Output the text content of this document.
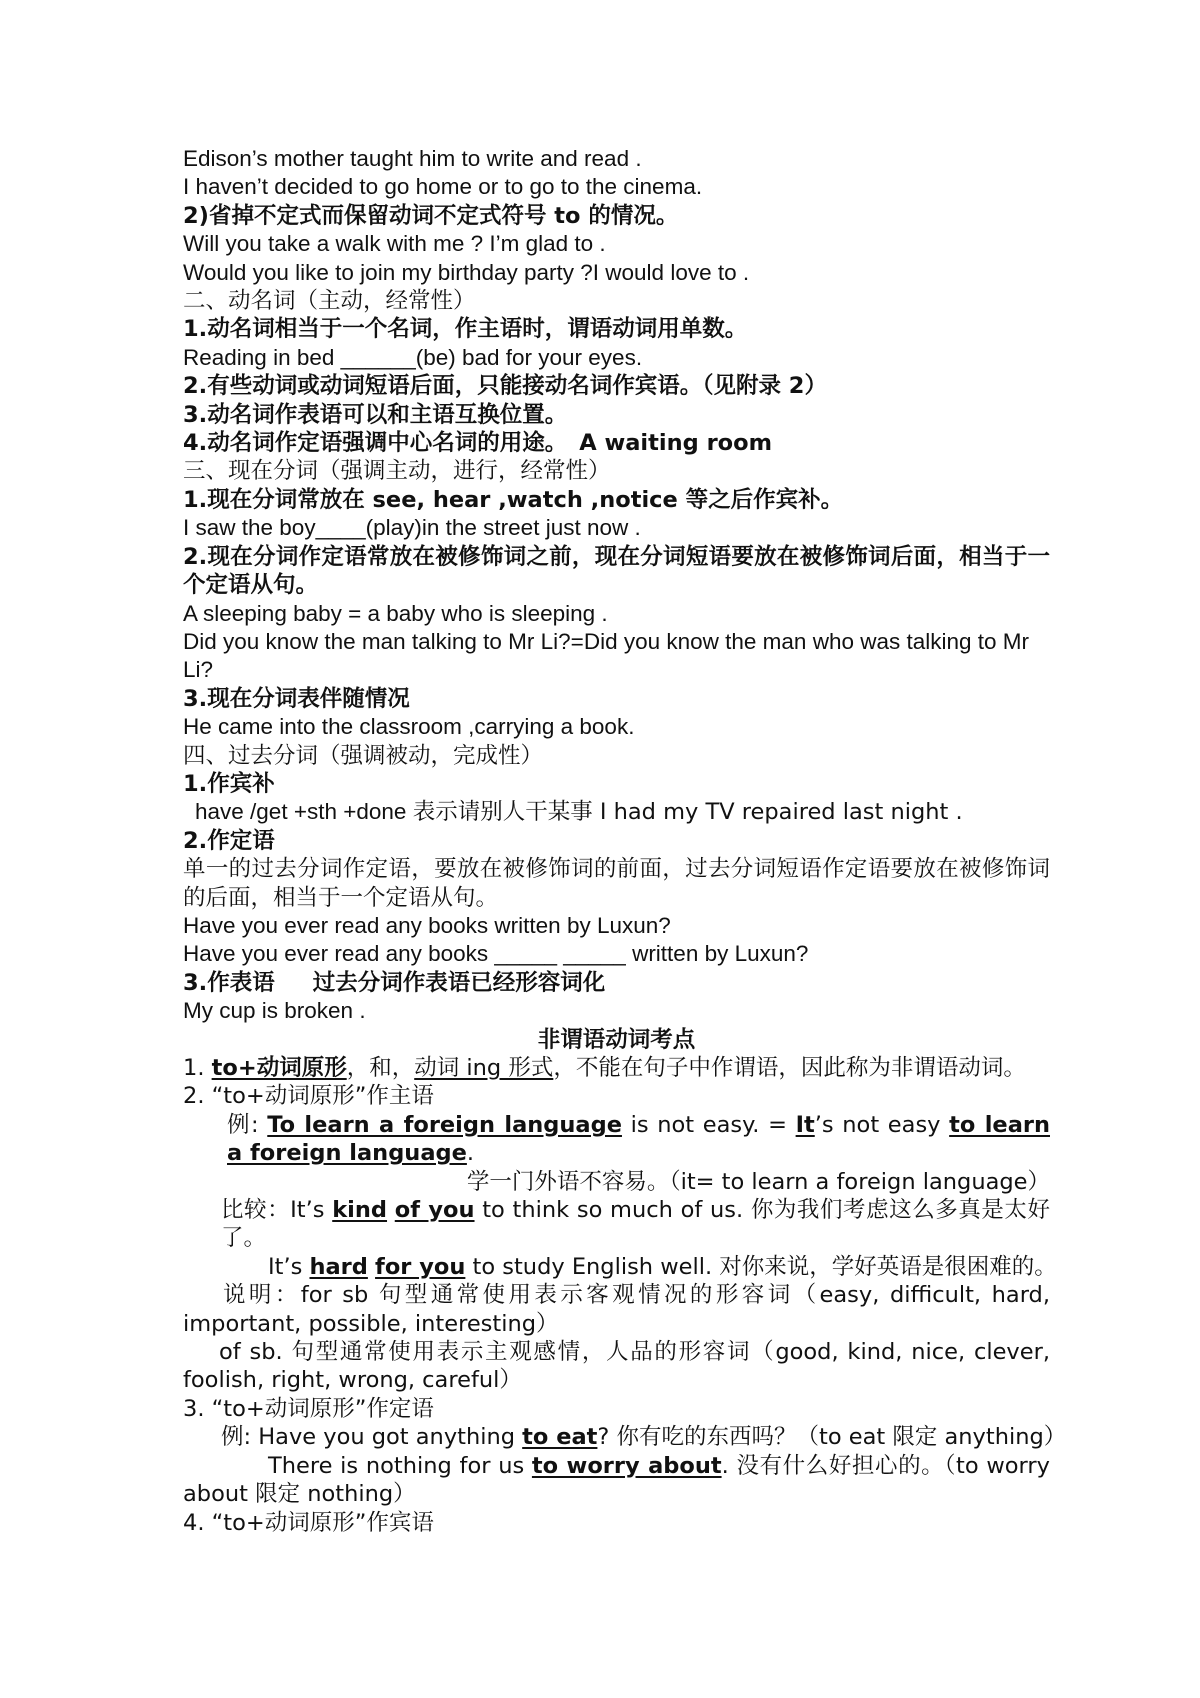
Edison’s mother taught him to write and read .
I haven’t decided to go home or to go to the cinema.
2)省掉不定式而保留动词不定式符号 to 的情况。
Will you take a walk with me ? I’m glad to .
Would you like to join my birthday party ?I would love to .
二、动名词（主动，经常性）
1.动名词相当于一个名词，作主语时，谓语动词用单数。
Reading in bed ______(be) bad for your eyes.
2.有些动词或动词短语后面，只能接动名词作宾语。（见附录 2）
3.动名词作表语可以和主语互换位置。
4.动名词作定语强调中心名词的用途。 A waiting room
三、现在分词（强调主动，进行，经常性）
1.现在分词常放在 see, hear ,watch ,notice 等之后作宾补。
I saw the boy____(play)in the street just now .
2.现在分词作定语常放在被修饰词之前，现在分词短语要放在被修饰词后面，相当于一个定语从句。
A sleeping baby = a baby who is sleeping .
Did you know the man talking to Mr Li?=Did you know the man who was talking to Mr Li?
3.现在分词表伴随情况
He came into the classroom ,carrying a book.
四、过去分词（强调被动，完成性）
1.作宾补
have /get +sth +done 表示请别人干某事 I had my TV repaired last night .
2.作定语
单一的过去分词作定语，要放在被修饰词的前面，过去分词短语作定语要放在被修饰词的后面，相当于一个定语从句。
Have you ever read any books written by Luxun?
Have you ever read any books _____ _____ written by Luxun?
3.作表语 过去分词作表语已经形容词化
My cup is broken .
非谓语动词考点
1. to+动词原形，和，动词 ing 形式，不能在句子中作谓语，因此称为非谓语动词。
2. “to+动词原形”作主语
例: To learn a foreign language is not easy. = It’s not easy to learn a foreign language.
学一门外语不容易。（it= to learn a foreign language）
比较：It’s kind of you to think so much of us. 你为我们考虑这么多真是太好了。
It’s hard for you to study English well. 对你来说，学好英语是很困难的。
说明：for sb 句型通常使用表示客观情况的形容词（easy, difficult, hard, important, possible, interesting）
of sb. 句型通常使用表示主观感情，人品的形容词（good, kind, nice, clever, foolish, right, wrong, careful）
3. “to+动词原形”作定语
例: Have you got anything to eat? 你有吃的东西吗？（to eat 限定 anything）
There is nothing for us to worry about. 没有什么好担心的。（to worry about 限定 nothing）
4. “to+动词原形”作宾语
